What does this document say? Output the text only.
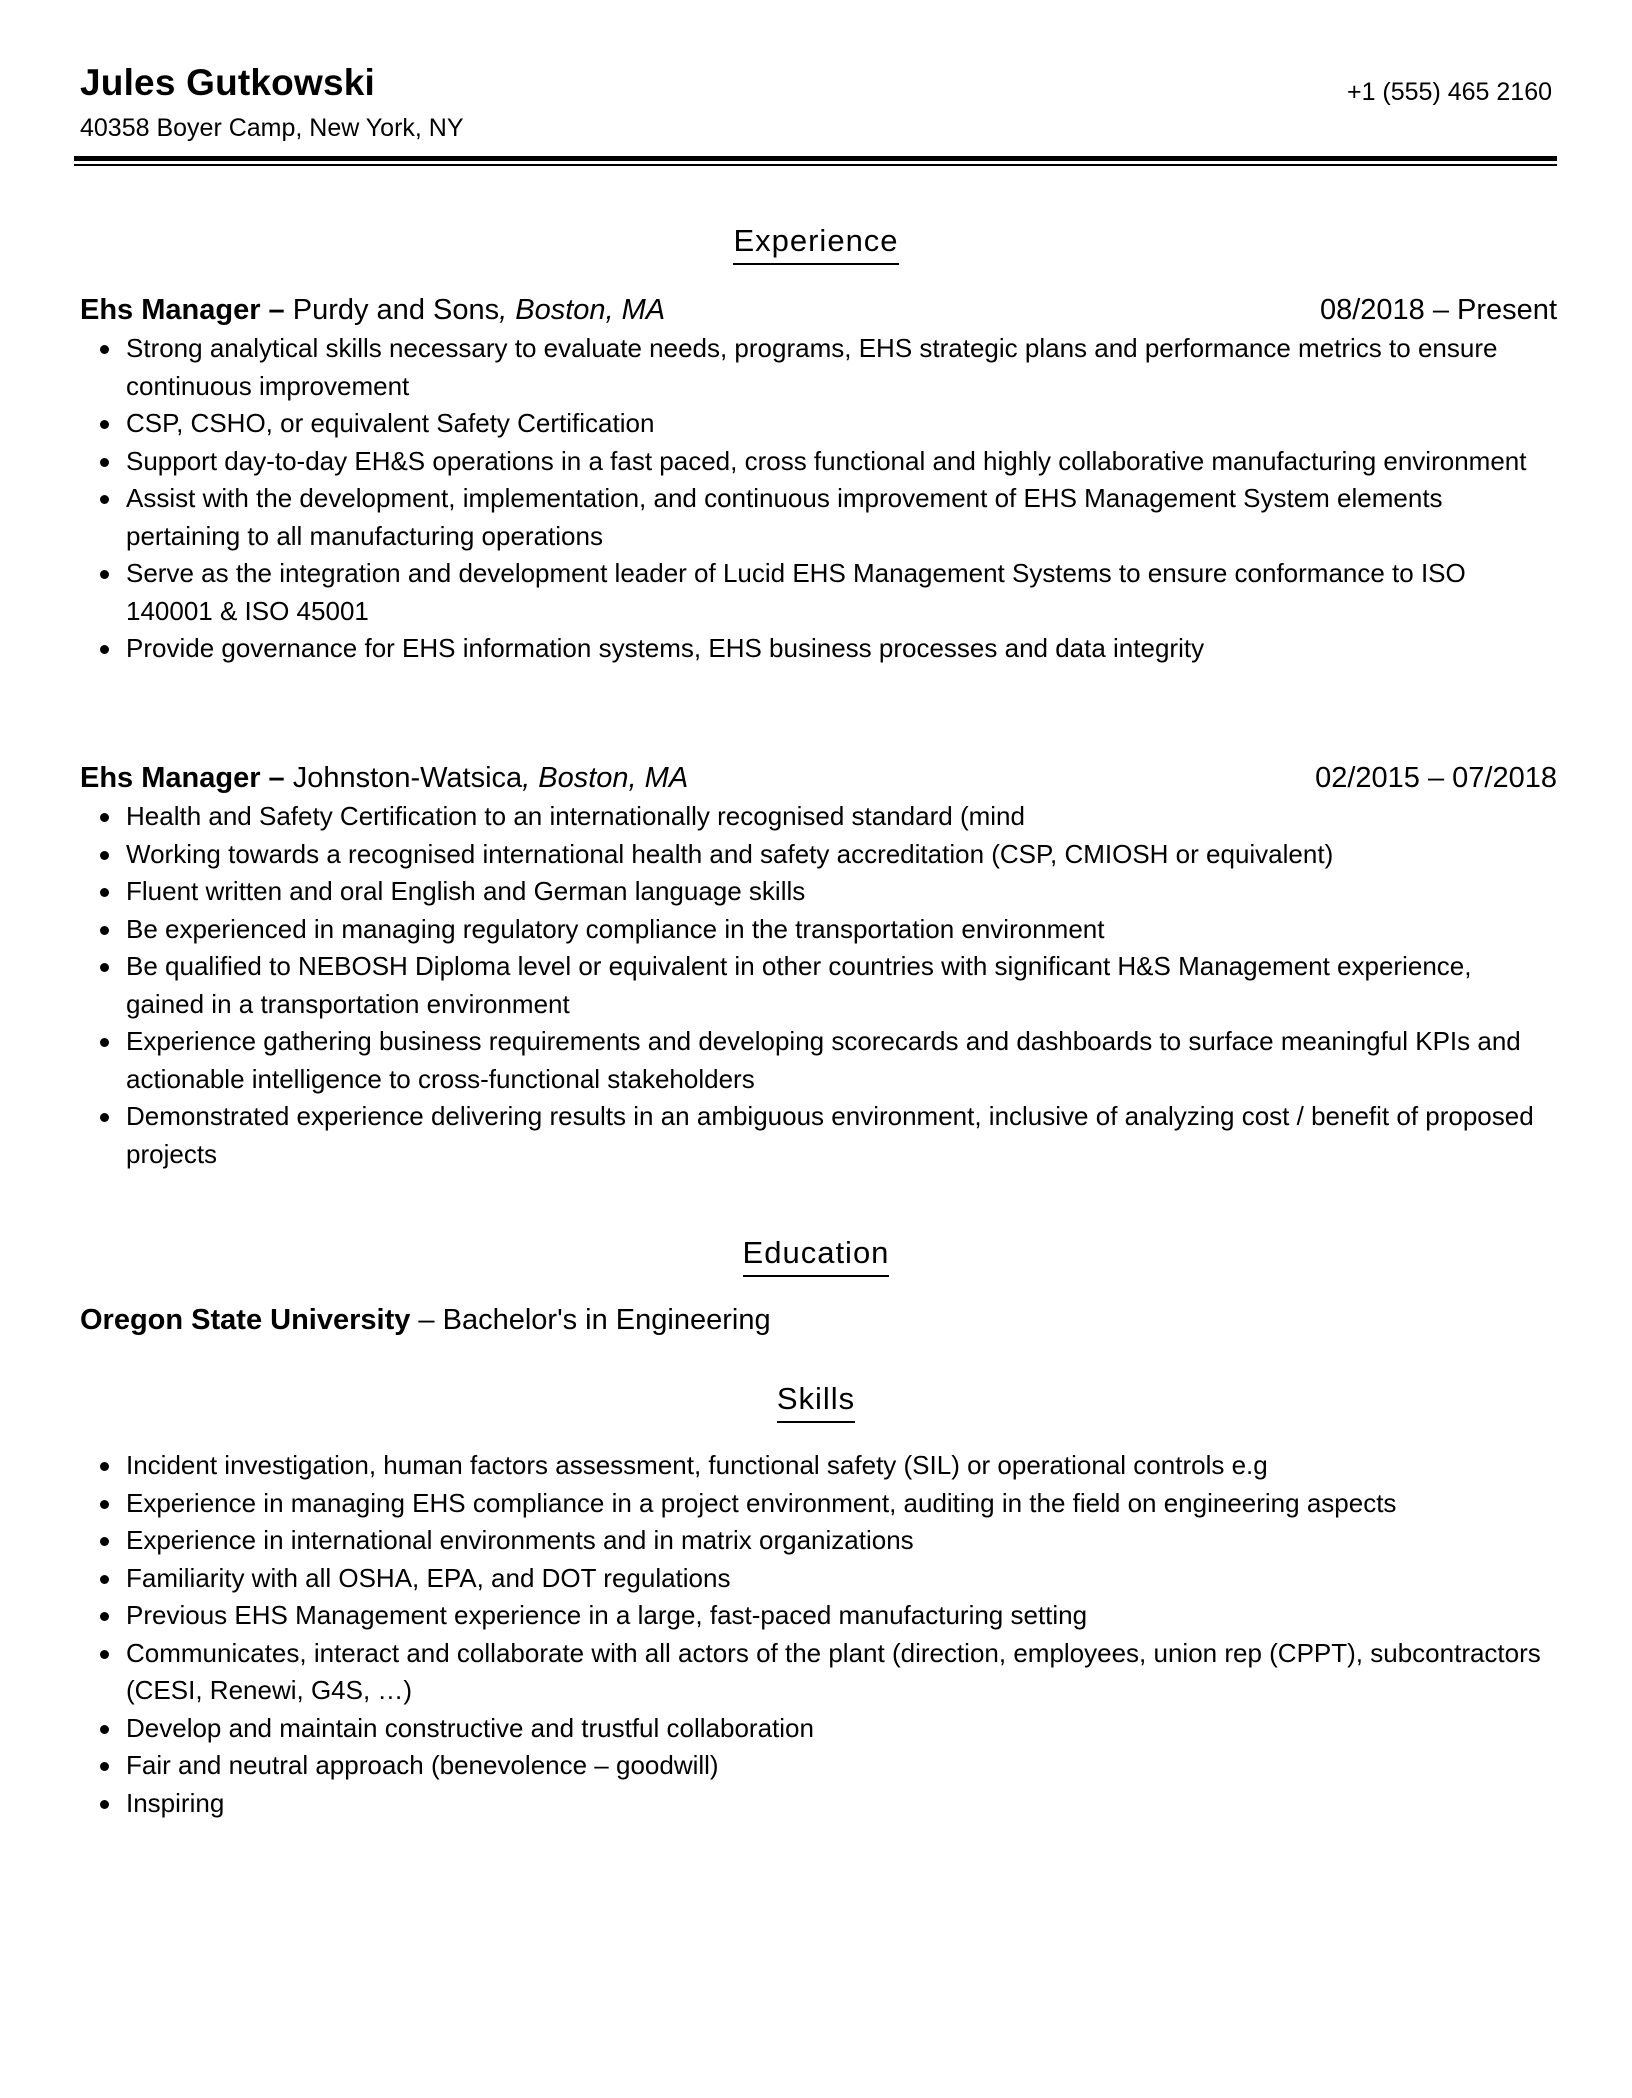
Jules Gutkowski
40358 Boyer Camp, New York, NY
+1 (555) 465 2160
Experience
Ehs Manager – Purdy and Sons, Boston, MA	08/2018 – Present
Strong analytical skills necessary to evaluate needs, programs, EHS strategic plans and performance metrics to ensure continuous improvement
CSP, CSHO, or equivalent Safety Certification
Support day-to-day EH&S operations in a fast paced, cross functional and highly collaborative manufacturing environment
Assist with the development, implementation, and continuous improvement of EHS Management System elements pertaining to all manufacturing operations
Serve as the integration and development leader of Lucid EHS Management Systems to ensure conformance to ISO 140001 & ISO 45001
Provide governance for EHS information systems, EHS business processes and data integrity
Ehs Manager – Johnston-Watsica, Boston, MA	02/2015 – 07/2018
Health and Safety Certification to an internationally recognised standard (mind
Working towards a recognised international health and safety accreditation (CSP, CMIOSH or equivalent)
Fluent written and oral English and German language skills
Be experienced in managing regulatory compliance in the transportation environment
Be qualified to NEBOSH Diploma level or equivalent in other countries with significant H&S Management experience, gained in a transportation environment
Experience gathering business requirements and developing scorecards and dashboards to surface meaningful KPIs and actionable intelligence to cross-functional stakeholders
Demonstrated experience delivering results in an ambiguous environment, inclusive of analyzing cost / benefit of proposed projects
Education
Oregon State University – Bachelor's in Engineering
Skills
Incident investigation, human factors assessment, functional safety (SIL) or operational controls e.g
Experience in managing EHS compliance in a project environment, auditing in the field on engineering aspects
Experience in international environments and in matrix organizations
Familiarity with all OSHA, EPA, and DOT regulations
Previous EHS Management experience in a large, fast-paced manufacturing setting
Communicates, interact and collaborate with all actors of the plant (direction, employees, union rep (CPPT), subcontractors (CESI, Renewi, G4S, …)
Develop and maintain constructive and trustful collaboration
Fair and neutral approach (benevolence – goodwill)
Inspiring
